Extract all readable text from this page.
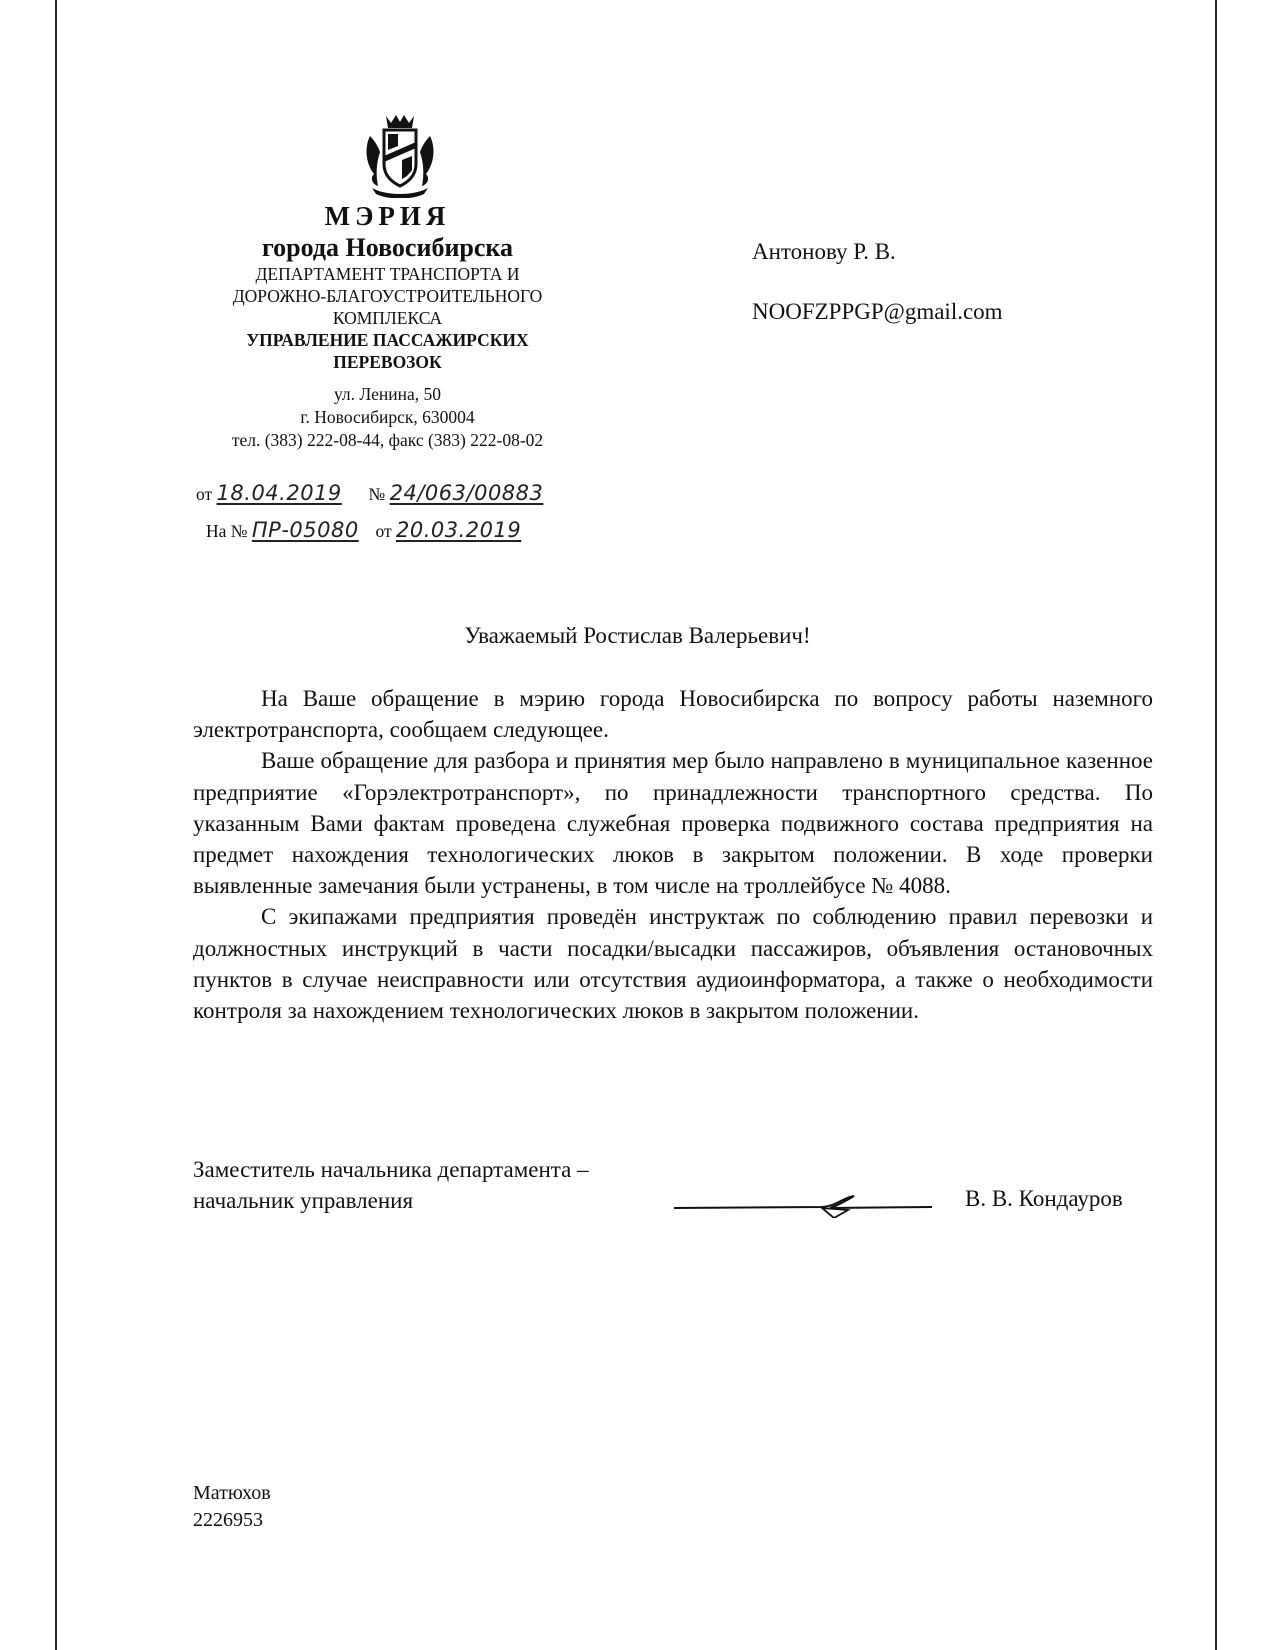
МЭРИЯ
города Новосибирска
ДЕПАРТАМЕНТ ТРАНСПОРТА И
ДОРОЖНО-БЛАГОУСТРОИТЕЛЬНОГО
КОМПЛЕКСА
УПРАВЛЕНИЕ ПАССАЖИРСКИХ
ПЕРЕВОЗОК
ул. Ленина, 50
г. Новосибирск, 630004
тел. (383) 222-08-44, факс (383) 222-08-02
от 18.04.2019 № 24/063/00883
На № ПР-05080 от 20.03.2019
Антонову Р. В.
NOOFZPPGP@gmail.com
Уважаемый Ростислав Валерьевич!

На Ваше обращение в мэрию города Новосибирска по вопросу работы наземного электротранспорта, сообщаем следующее.

Ваше обращение для разбора и принятия мер было направлено в муниципальное казенное предприятие «Горэлектротранспорт», по принадлежности транспортного средства. По указанным Вами фактам проведена служебная проверка подвижного состава предприятия на предмет нахождения технологических люков в закрытом положении. В ходе проверки выявленные замечания были устранены, в том числе на троллейбусе № 4088.

С экипажами предприятия проведён инструктаж по соблюдению правил перевозки и должностных инструкций в части посадки/высадки пассажиров, объявления остановочных пунктов в случае неисправности или отсутствия аудиоинформатора, а также о необходимости контроля за нахождением технологических люков в закрытом положении.

Заместитель начальника департамента –
начальник управления	В. В. Кондауров
Матюхов
2226953
